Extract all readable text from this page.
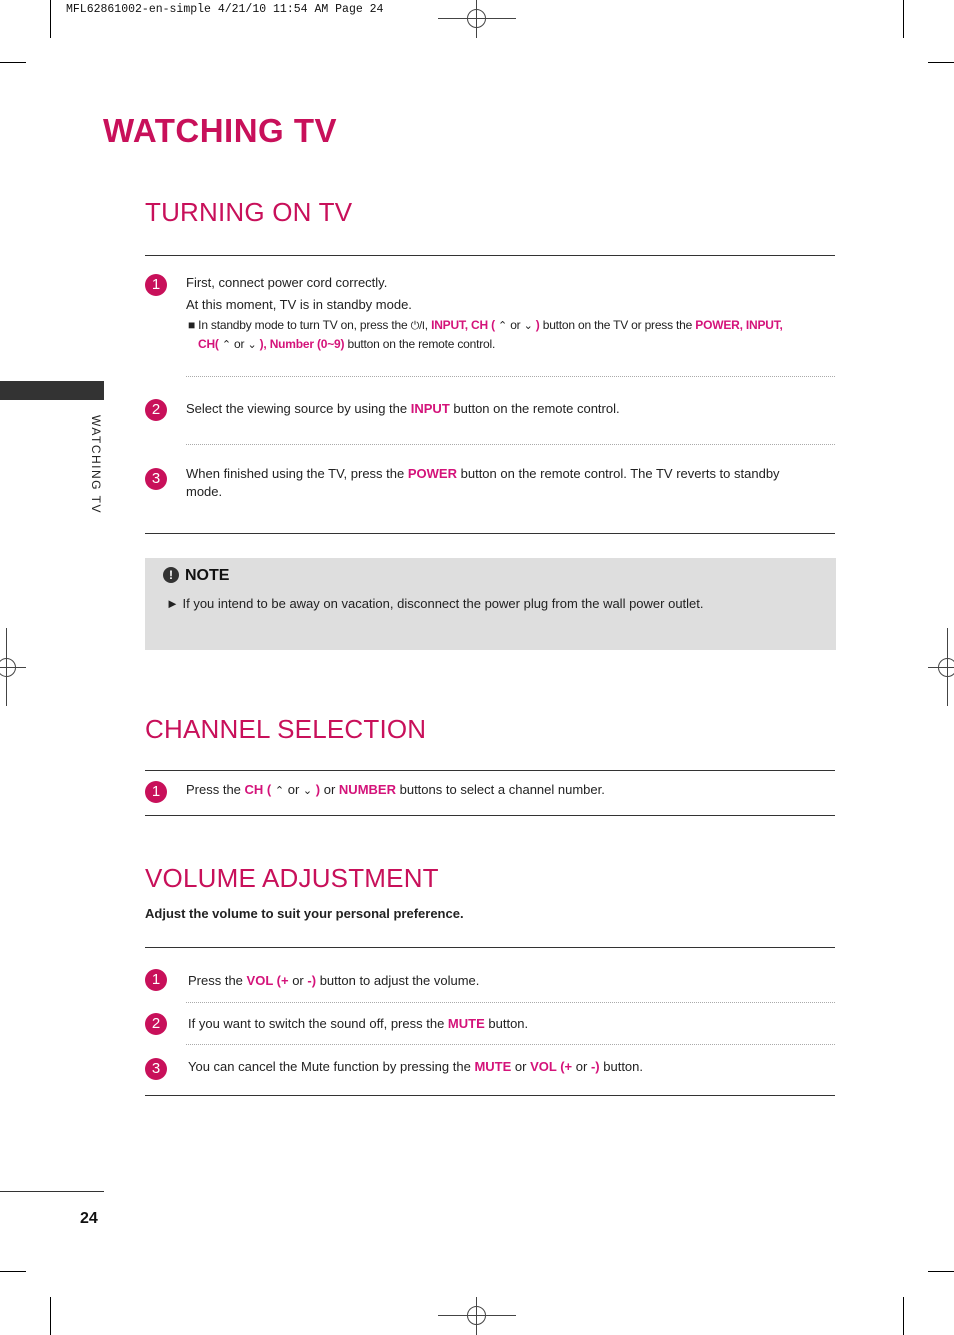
MFL62861002-en-simple 4/21/10 11:54 AM Page 24
WATCHING TV
WATCHING TV
TURNING ON TV
1	First, connect power cord correctly.
At this moment, TV is in standby mode.
■ In standby mode to turn TV on, press the ⏻/I, INPUT, CH ( ⌃ or ⌄ ) button on the TV or press the POWER, INPUT,
CH( ⌃ or ⌄ ), Number (0~9) button on the remote control.
2	Select the viewing source by using the INPUT button on the remote control.
3	When finished using the TV, press the POWER button on the remote control. The TV reverts to standby
mode.
! NOTE
► If you intend to be away on vacation, disconnect the power plug from the wall power outlet.
CHANNEL SELECTION
1	Press the CH ( ⌃ or ⌄ ) or NUMBER buttons to select a channel number.
VOLUME ADJUSTMENT
Adjust the volume to suit your personal preference.
1	Press the VOL (+ or -) button to adjust the volume.
2	If you want to switch the sound off, press the MUTE button.
3	You can cancel the Mute function by pressing the MUTE or VOL (+ or -) button.
24
